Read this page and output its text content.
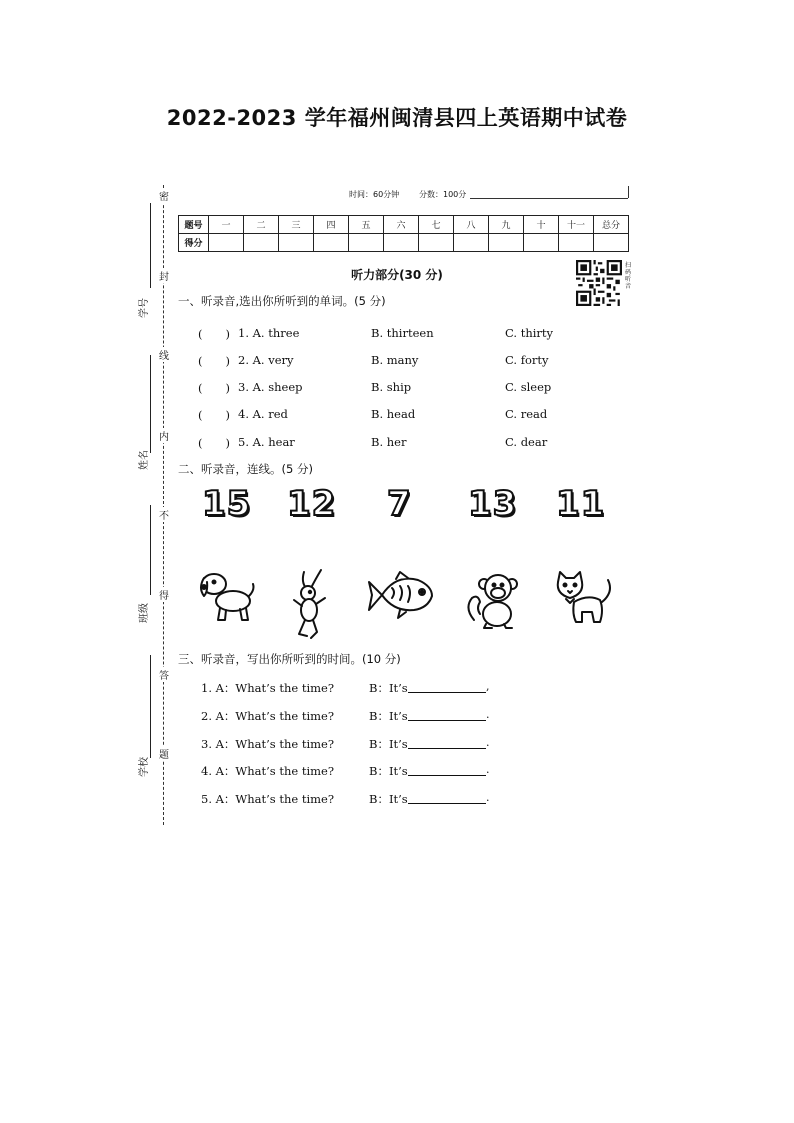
2022-2023 学年福州闽清县四上英语期中试卷
学号
姓名
班级
学校
密
封
线
内
不
得
答
题
时间：60分钟 分数：100分
题号	一	二	三	四	五	六	七	八	九	十	十一	总分
得分												
听力部分(30 分)
扫码听音
一、听录音,选出你所听到的单词。(5 分)
(　　) 1. A. three	B. thirteen	C. thirty
(　　) 2. A. very	B. many	C. forty
(　　) 3. A. sheep	B. ship	C. sleep
(　　) 4. A. red	B. head	C. read
(　　) 5. A. hear	B. her	C. dear
二、听录音，连线。(5 分)
15 12 7 13 11
三、听录音，写出你所听到的时间。(10 分)
1. A：What’s the time?	B：It’s	,
2. A：What’s the time?	B：It’s	.
3. A：What’s the time?	B：It’s	.
4. A：What’s the time?	B：It’s	.
5. A：What’s the time?	B：It’s	.
